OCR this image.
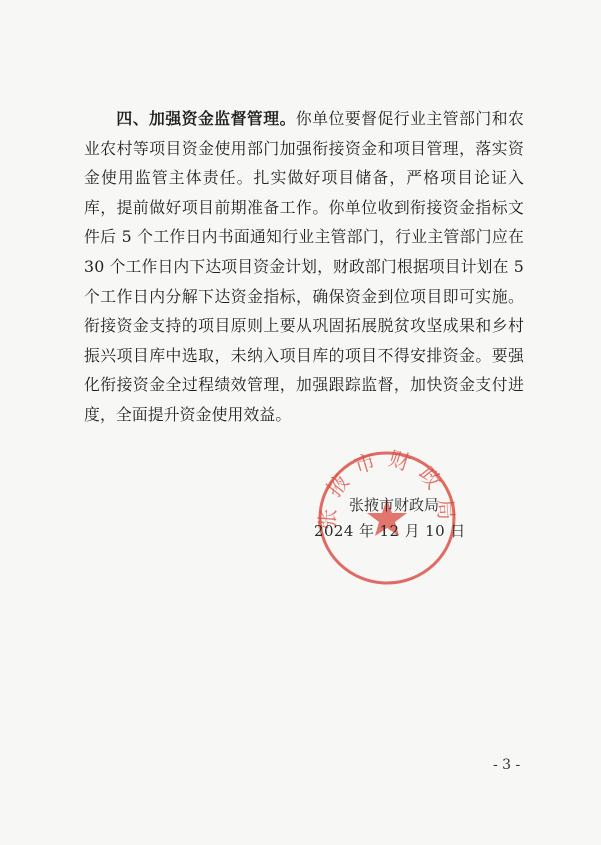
四、加强资金监督管理。你单位要督促行业主管部门和农业农村等项目资金使用部门加强衔接资金和项目管理，落实资金使用监管主体责任。扎实做好项目储备，严格项目论证入库，提前做好项目前期准备工作。你单位收到衔接资金指标文件后 5 个工作日内书面通知行业主管部门，行业主管部门应在 30 个工作日内下达项目资金计划，财政部门根据项目计划在 5 个工作日内分解下达资金指标，确保资金到位项目即可实施。衔接资金支持的项目原则上要从巩固拓展脱贫攻坚成果和乡村振兴项目库中选取，未纳入项目库的项目不得安排资金。要强化衔接资金全过程绩效管理，加强跟踪监督，加快资金支付进度，全面提升资金使用效益。

张掖市财政局
张掖市财政局
2024 年 12 月 10 日
- 3 -
